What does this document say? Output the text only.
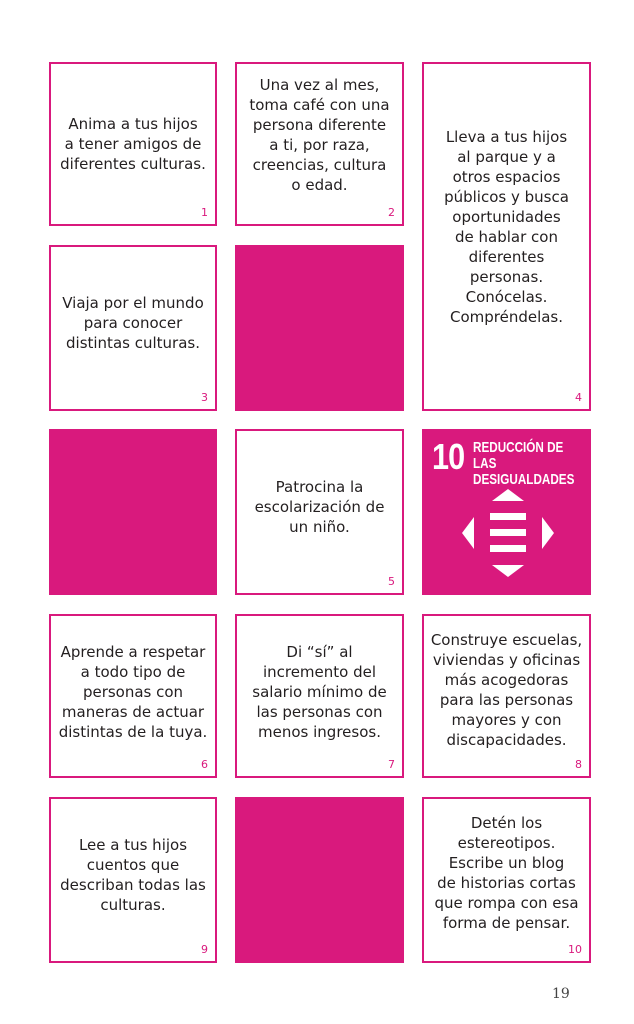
Anima a tus hijos
a tener amigos de
diferentes culturas.
1
Una vez al mes,
toma café con una
persona diferente
a ti, por raza,
creencias, cultura
o edad.
2
Lleva a tus hijos
al parque y a
otros espacios
públicos y busca
oportunidades
de hablar con
diferentes personas.
Conócelas.
Compréndelas.
4
Viaja por el mundo
para conocer
distintas culturas.
3
Patrocina la
escolarización de
un niño.
5
10 REDUCCIÓN DE LAS
DESIGUALDADES
Aprende a respetar
a todo tipo de
personas con
maneras de actuar
distintas de la tuya.
6
Di “sí” al
incremento del
salario mínimo de
las personas con
menos ingresos.
7
Construye escuelas,
viviendas y oficinas
más acogedoras
para las personas
mayores y con
discapacidades.
8
Lee a tus hijos
cuentos que
describan todas las
culturas.
9
Detén los
estereotipos.
Escribe un blog
de historias cortas
que rompa con esa
forma de pensar.
10
19
